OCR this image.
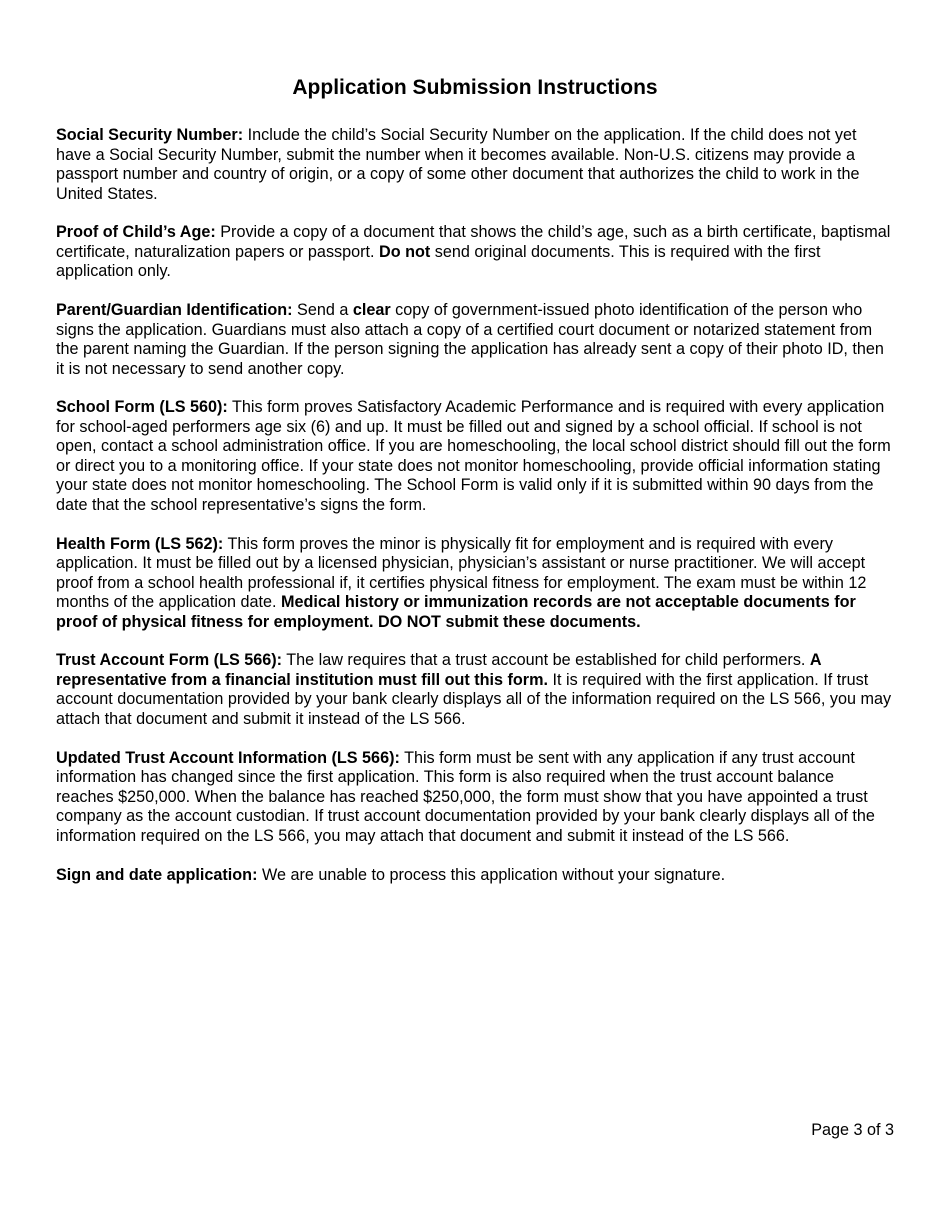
Application Submission Instructions

Social Security Number: Include the child’s Social Security Number on the application. If the child does not yet have a Social Security Number, submit the number when it becomes available. Non-U.S. citizens may provide a passport number and country of origin, or a copy of some other document that authorizes the child to work in the United States.

Proof of Child’s Age: Provide a copy of a document that shows the child’s age, such as a birth certificate, baptismal certificate, naturalization papers or passport. Do not send original documents. This is required with the first application only.

Parent/Guardian Identification: Send a clear copy of government-issued photo identification of the person who signs the application. Guardians must also attach a copy of a certified court document or notarized statement from the parent naming the Guardian. If the person signing the application has already sent a copy of their photo ID, then it is not necessary to send another copy.

School Form (LS 560): This form proves Satisfactory Academic Performance and is required with every application for school-aged performers age six (6) and up. It must be filled out and signed by a school official. If school is not open, contact a school administration office. If you are homeschooling, the local school district should fill out the form or direct you to a monitoring office. If your state does not monitor homeschooling, provide official information stating your state does not monitor homeschooling. The School Form is valid only if it is submitted within 90 days from the date that the school representative’s signs the form.

Health Form (LS 562): This form proves the minor is physically fit for employment and is required with every application. It must be filled out by a licensed physician, physician’s assistant or nurse practitioner. We will accept proof from a school health professional if, it certifies physical fitness for employment. The exam must be within 12 months of the application date. Medical history or immunization records are not acceptable documents for proof of physical fitness for employment. DO NOT submit these documents.

Trust Account Form (LS 566): The law requires that a trust account be established for child performers. A representative from a financial institution must fill out this form. It is required with the first application. If trust account documentation provided by your bank clearly displays all of the information required on the LS 566, you may attach that document and submit it instead of the LS 566.

Updated Trust Account Information (LS 566): This form must be sent with any application if any trust account information has changed since the first application. This form is also required when the trust account balance reaches $250,000. When the balance has reached $250,000, the form must show that you have appointed a trust company as the account custodian. If trust account documentation provided by your bank clearly displays all of the information required on the LS 566, you may attach that document and submit it instead of the LS 566.

Sign and date application: We are unable to process this application without your signature.

Page 3 of 3
